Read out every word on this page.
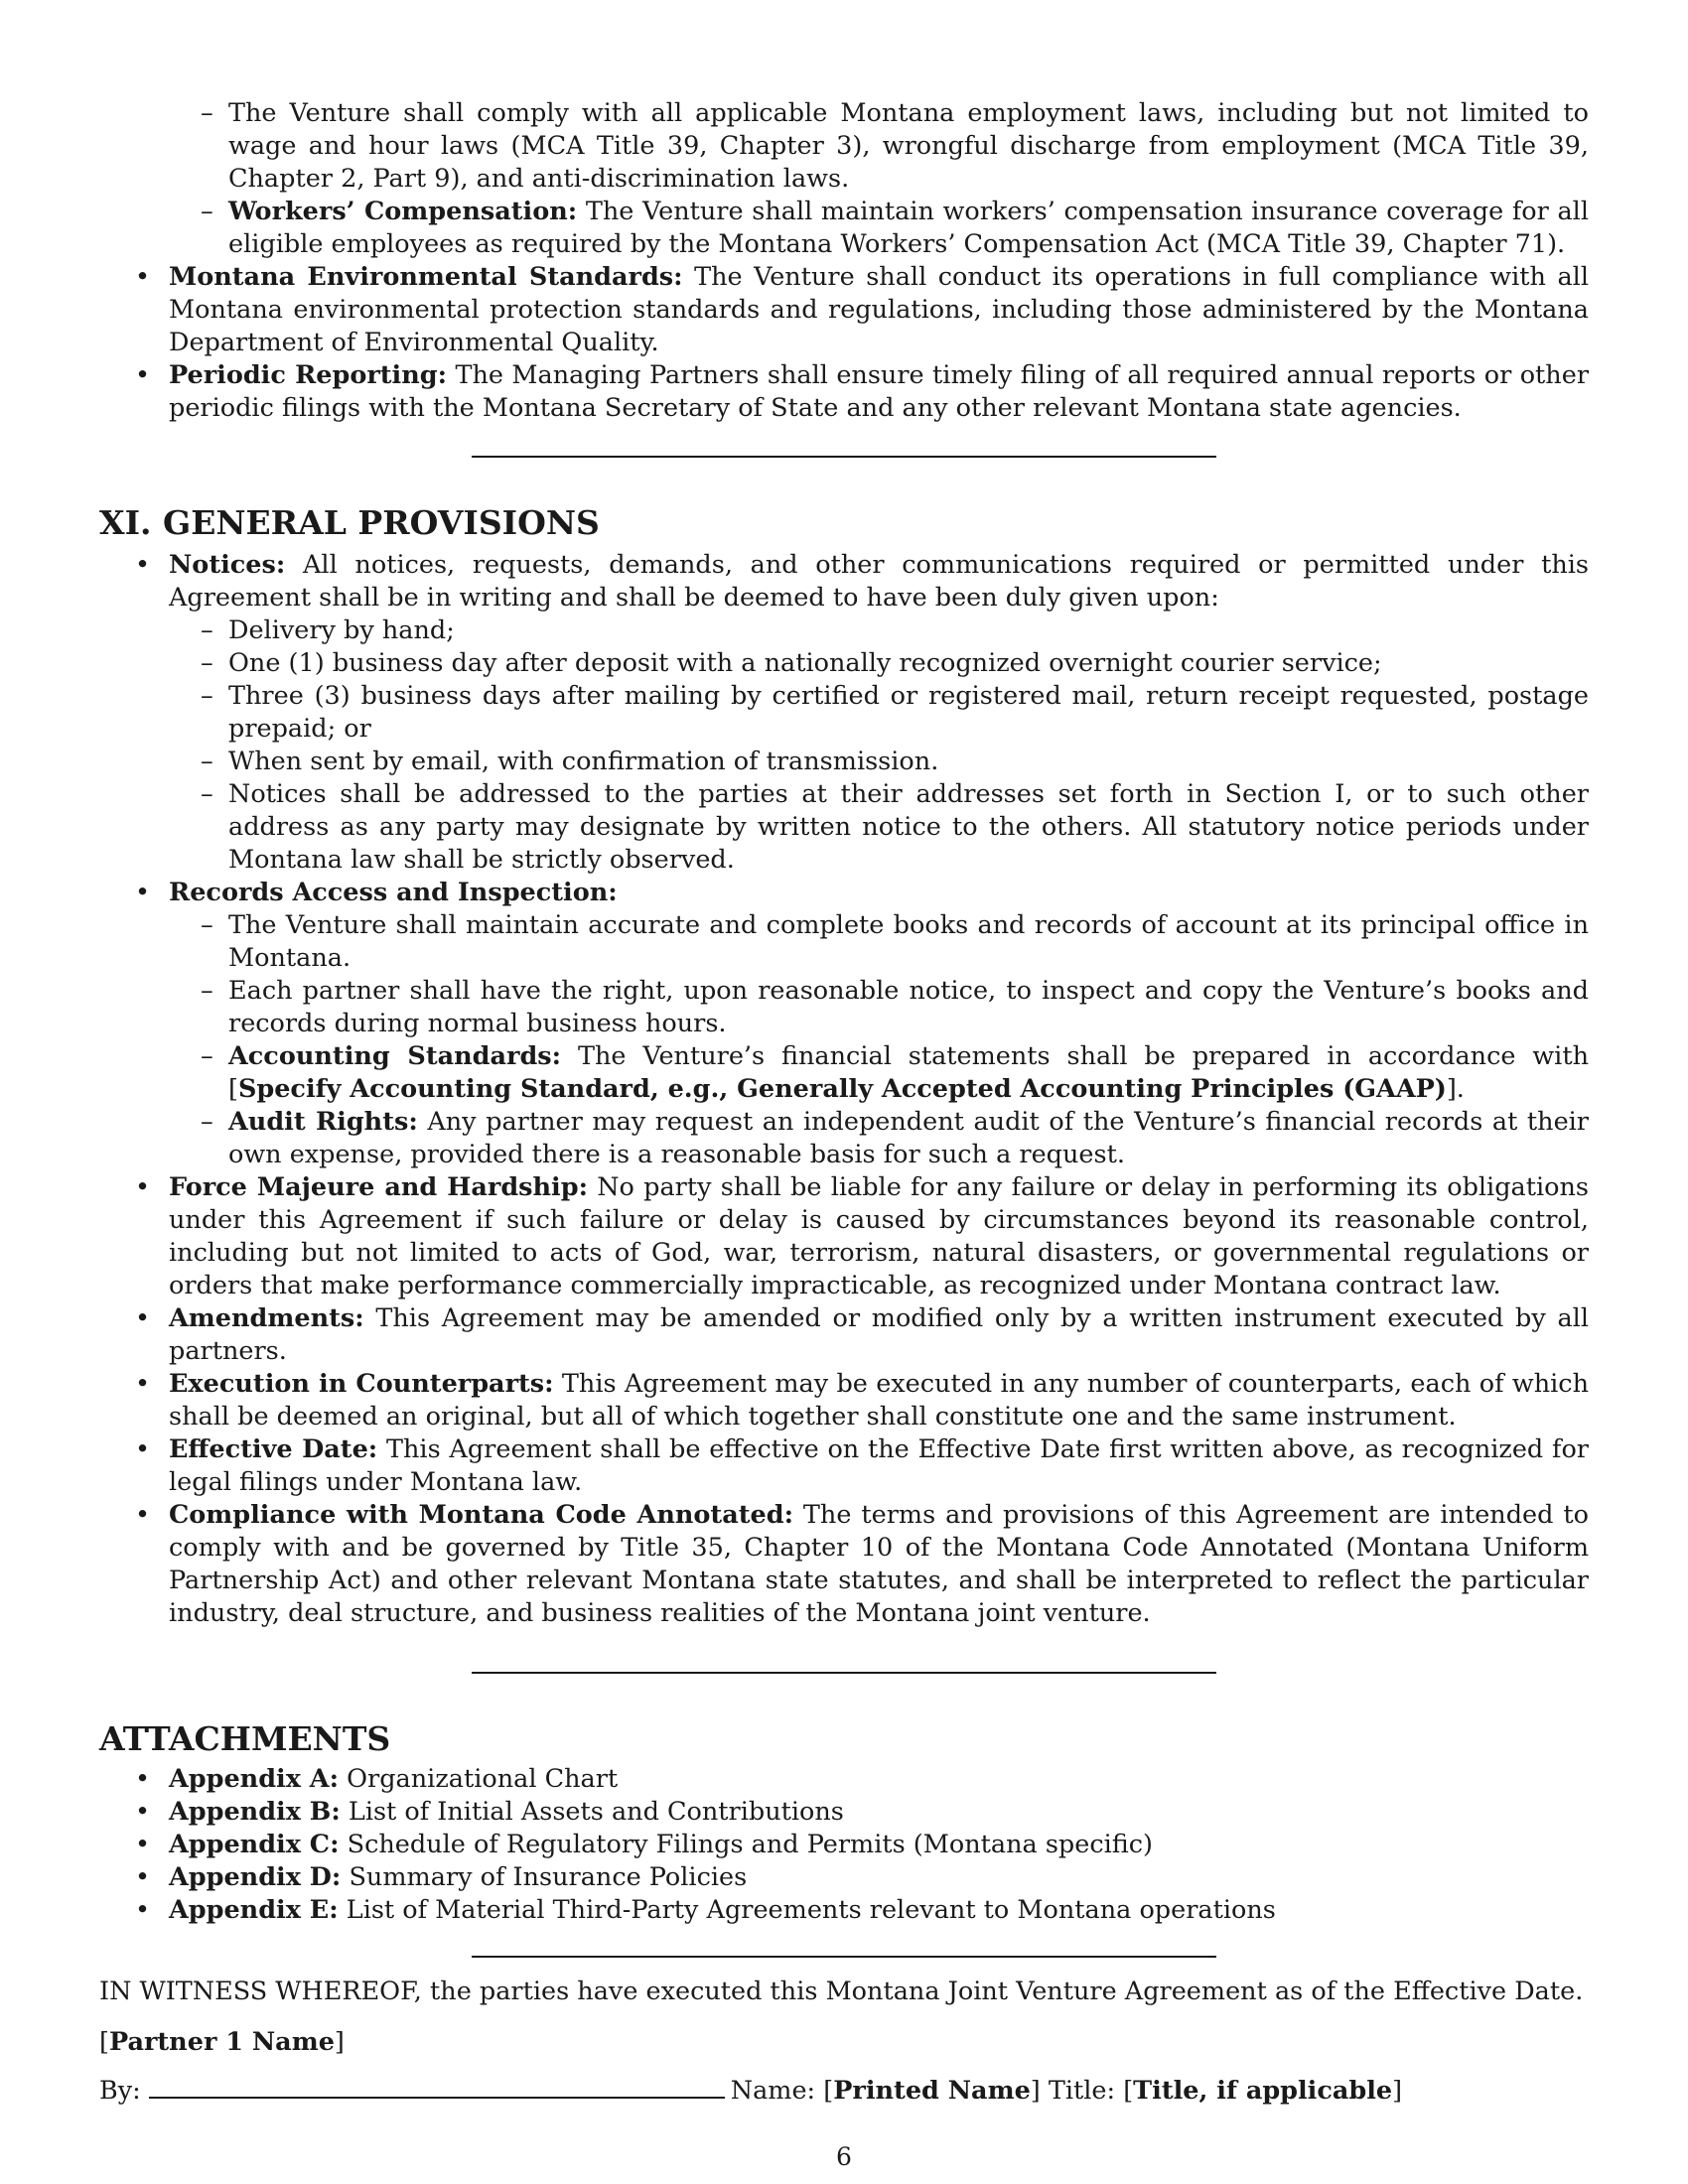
– The Venture shall comply with all applicable Montana employment laws, including but not limited to wage and hour laws (MCA Title 39, Chapter 3), wrongful discharge from employment (MCA Title 39, Chapter 2, Part 9), and anti-discrimination laws.
– Workers’ Compensation: The Venture shall maintain workers’ compensation insurance coverage for all eligible employees as required by the Montana Workers’ Compensation Act (MCA Title 39, Chapter 71).
• Montana Environmental Standards: The Venture shall conduct its operations in full compliance with all Montana environmental protection standards and regulations, including those administered by the Montana Department of Environmental Quality.
• Periodic Reporting: The Managing Partners shall ensure timely filing of all required annual reports or other periodic filings with the Montana Secretary of State and any other relevant Montana state agencies.
XI. GENERAL PROVISIONS
• Notices: All notices, requests, demands, and other communications required or permitted under this Agreement shall be in writing and shall be deemed to have been duly given upon:
– Delivery by hand;
– One (1) business day after deposit with a nationally recognized overnight courier service;
– Three (3) business days after mailing by certified or registered mail, return receipt requested, postage prepaid; or
– When sent by email, with confirmation of transmission.
– Notices shall be addressed to the parties at their addresses set forth in Section I, or to such other address as any party may designate by written notice to the others. All statutory notice periods under Montana law shall be strictly observed.
• Records Access and Inspection:
– The Venture shall maintain accurate and complete books and records of account at its principal office in Montana.
– Each partner shall have the right, upon reasonable notice, to inspect and copy the Venture’s books and records during normal business hours.
– Accounting Standards: The Venture’s financial statements shall be prepared in accordance with [Specify Accounting Standard, e.g., Generally Accepted Accounting Principles (GAAP)].
– Audit Rights: Any partner may request an independent audit of the Venture’s financial records at their own expense, provided there is a reasonable basis for such a request.
• Force Majeure and Hardship: No party shall be liable for any failure or delay in performing its obligations under this Agreement if such failure or delay is caused by circumstances beyond its reasonable control, including but not limited to acts of God, war, terrorism, natural disasters, or governmental regulations or orders that make performance commercially impracticable, as recognized under Montana contract law.
• Amendments: This Agreement may be amended or modified only by a written instrument executed by all partners.
• Execution in Counterparts: This Agreement may be executed in any number of counterparts, each of which shall be deemed an original, but all of which together shall constitute one and the same instrument.
• Effective Date: This Agreement shall be effective on the Effective Date first written above, as recognized for legal filings under Montana law.
• Compliance with Montana Code Annotated: The terms and provisions of this Agreement are intended to comply with and be governed by Title 35, Chapter 10 of the Montana Code Annotated (Montana Uniform Partnership Act) and other relevant Montana state statutes, and shall be interpreted to reflect the particular industry, deal structure, and business realities of the Montana joint venture.
ATTACHMENTS
• Appendix A: Organizational Chart
• Appendix B: List of Initial Assets and Contributions
• Appendix C: Schedule of Regulatory Filings and Permits (Montana specific)
• Appendix D: Summary of Insurance Policies
• Appendix E: List of Material Third-Party Agreements relevant to Montana operations

IN WITNESS WHEREOF, the parties have executed this Montana Joint Venture Agreement as of the Effective Date.

[Partner 1 Name]

By:	Name: [Printed Name] Title: [Title, if applicable]

6
